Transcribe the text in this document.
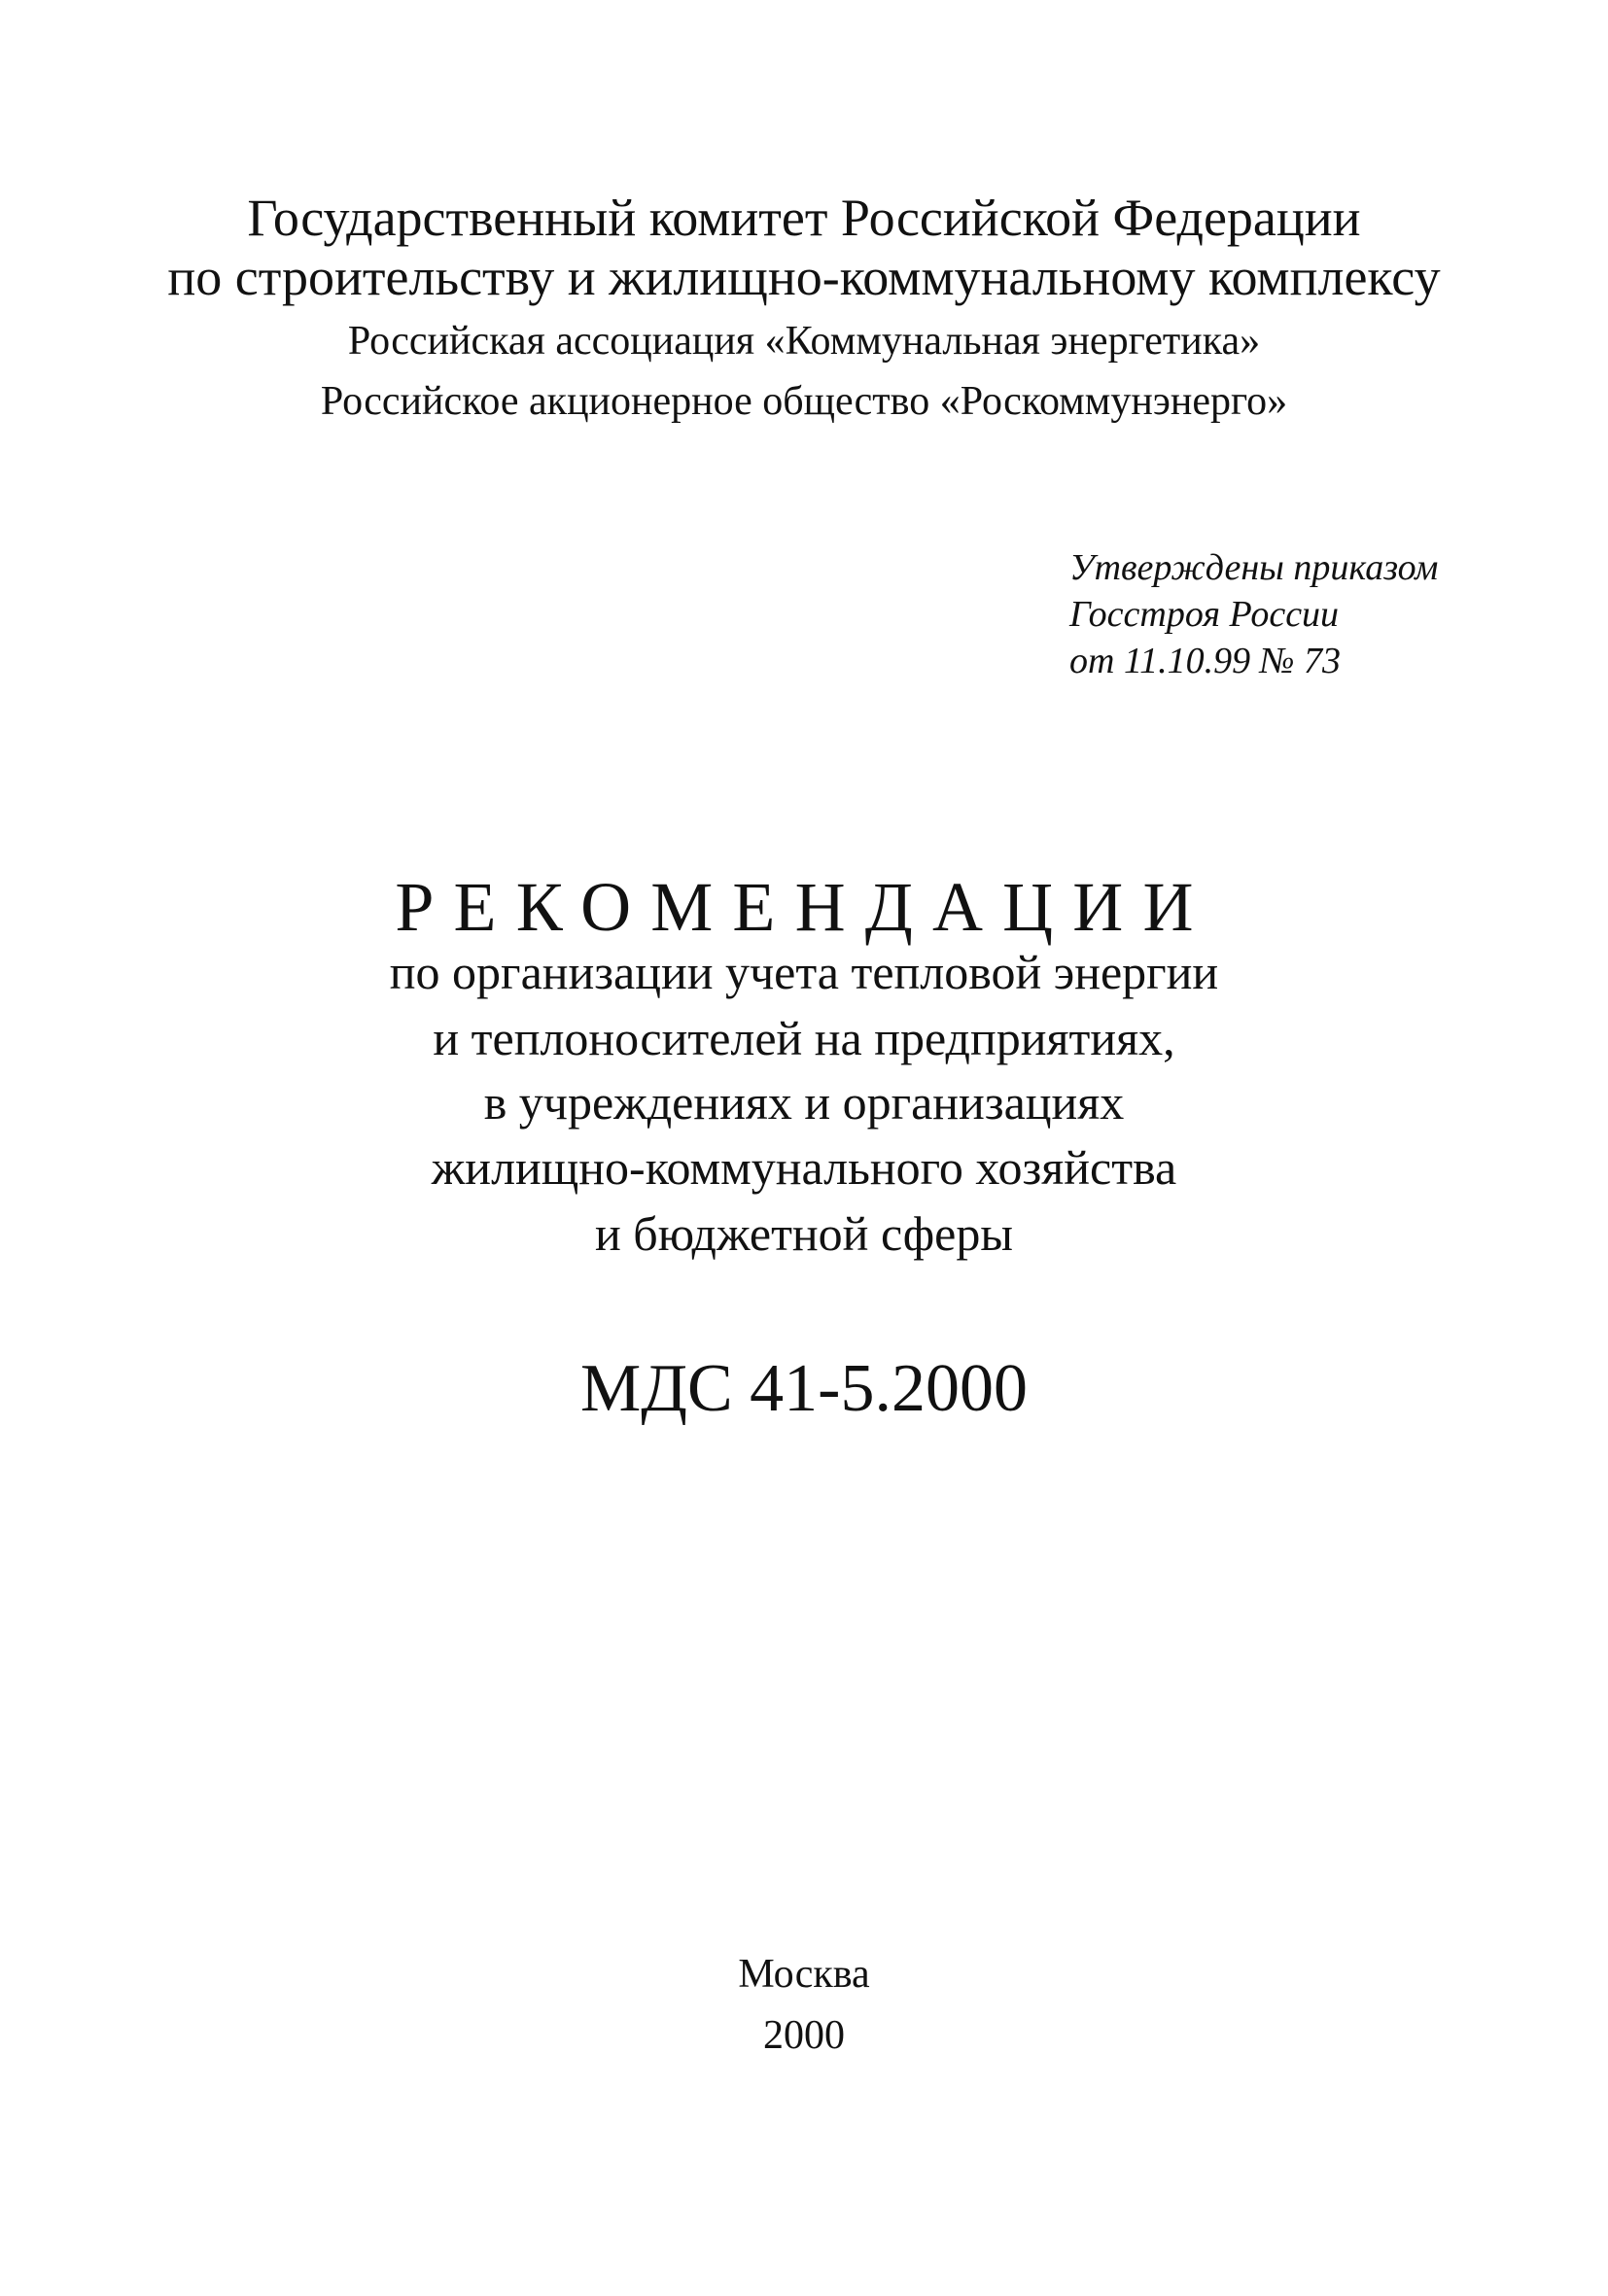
Государственный комитет Российской Федерации
по строительству и жилищно-коммунальному комплексу
Российская ассоциация «Коммунальная энергетика»
Российское акционерное общество «Роскоммунэнерго»
Утверждены приказом
Госстроя России
от 11.10.99 № 73
РЕКОМЕНДАЦИИ
по организации учета тепловой энергии
и теплоносителей на предприятиях,
в учреждениях и организациях
жилищно-коммунального хозяйства
и бюджетной сферы
МДС 41-5.2000
Москва
2000
